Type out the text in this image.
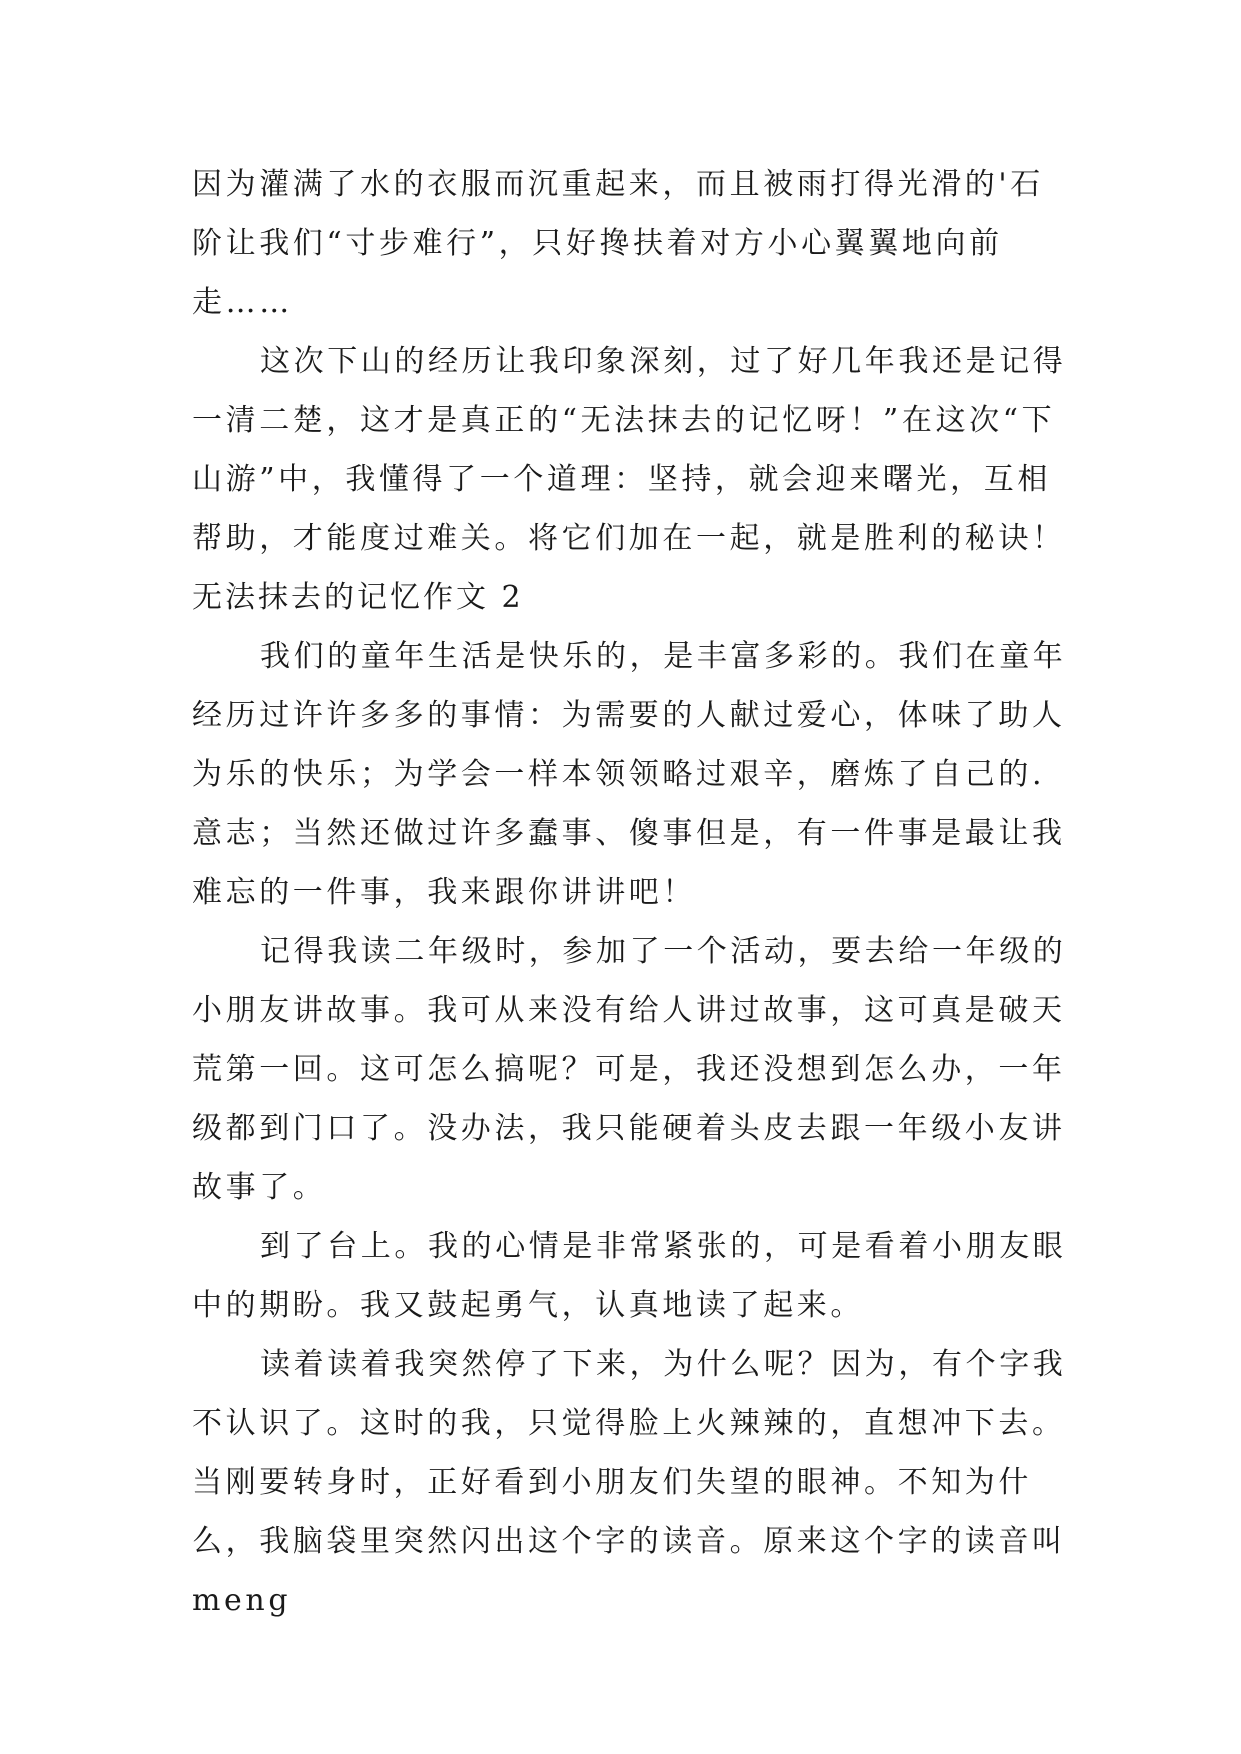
因为灌满了水的衣服而沉重起来，而且被雨打得光滑的'石阶让我们“寸步难行”，只好搀扶着对方小心翼翼地向前走……

这次下山的经历让我印象深刻，过了好几年我还是记得一清二楚，这才是真正的“无法抹去的记忆呀！”在这次“下山游”中，我懂得了一个道理：坚持，就会迎来曙光，互相帮助，才能度过难关。将它们加在一起，就是胜利的秘诀！

无法抹去的记忆作文 2

我们的童年生活是快乐的，是丰富多彩的。我们在童年经历过许许多多的事情：为需要的人献过爱心，体味了助人为乐的快乐；为学会一样本领领略过艰辛，磨炼了自己的.意志；当然还做过许多蠢事、傻事但是，有一件事是最让我难忘的一件事，我来跟你讲讲吧！

记得我读二年级时，参加了一个活动，要去给一年级的小朋友讲故事。我可从来没有给人讲过故事，这可真是破天荒第一回。这可怎么搞呢？可是，我还没想到怎么办，一年级都到门口了。没办法，我只能硬着头皮去跟一年级小友讲故事了。

到了台上。我的心情是非常紧张的，可是看着小朋友眼中的期盼。我又鼓起勇气，认真地读了起来。

读着读着我突然停了下来，为什么呢？因为，有个字我不认识了。这时的我，只觉得脸上火辣辣的，直想冲下去。当刚要转身时，正好看到小朋友们失望的眼神。不知为什么，我脑袋里突然闪出这个字的读音。原来这个字的读音叫 meng
